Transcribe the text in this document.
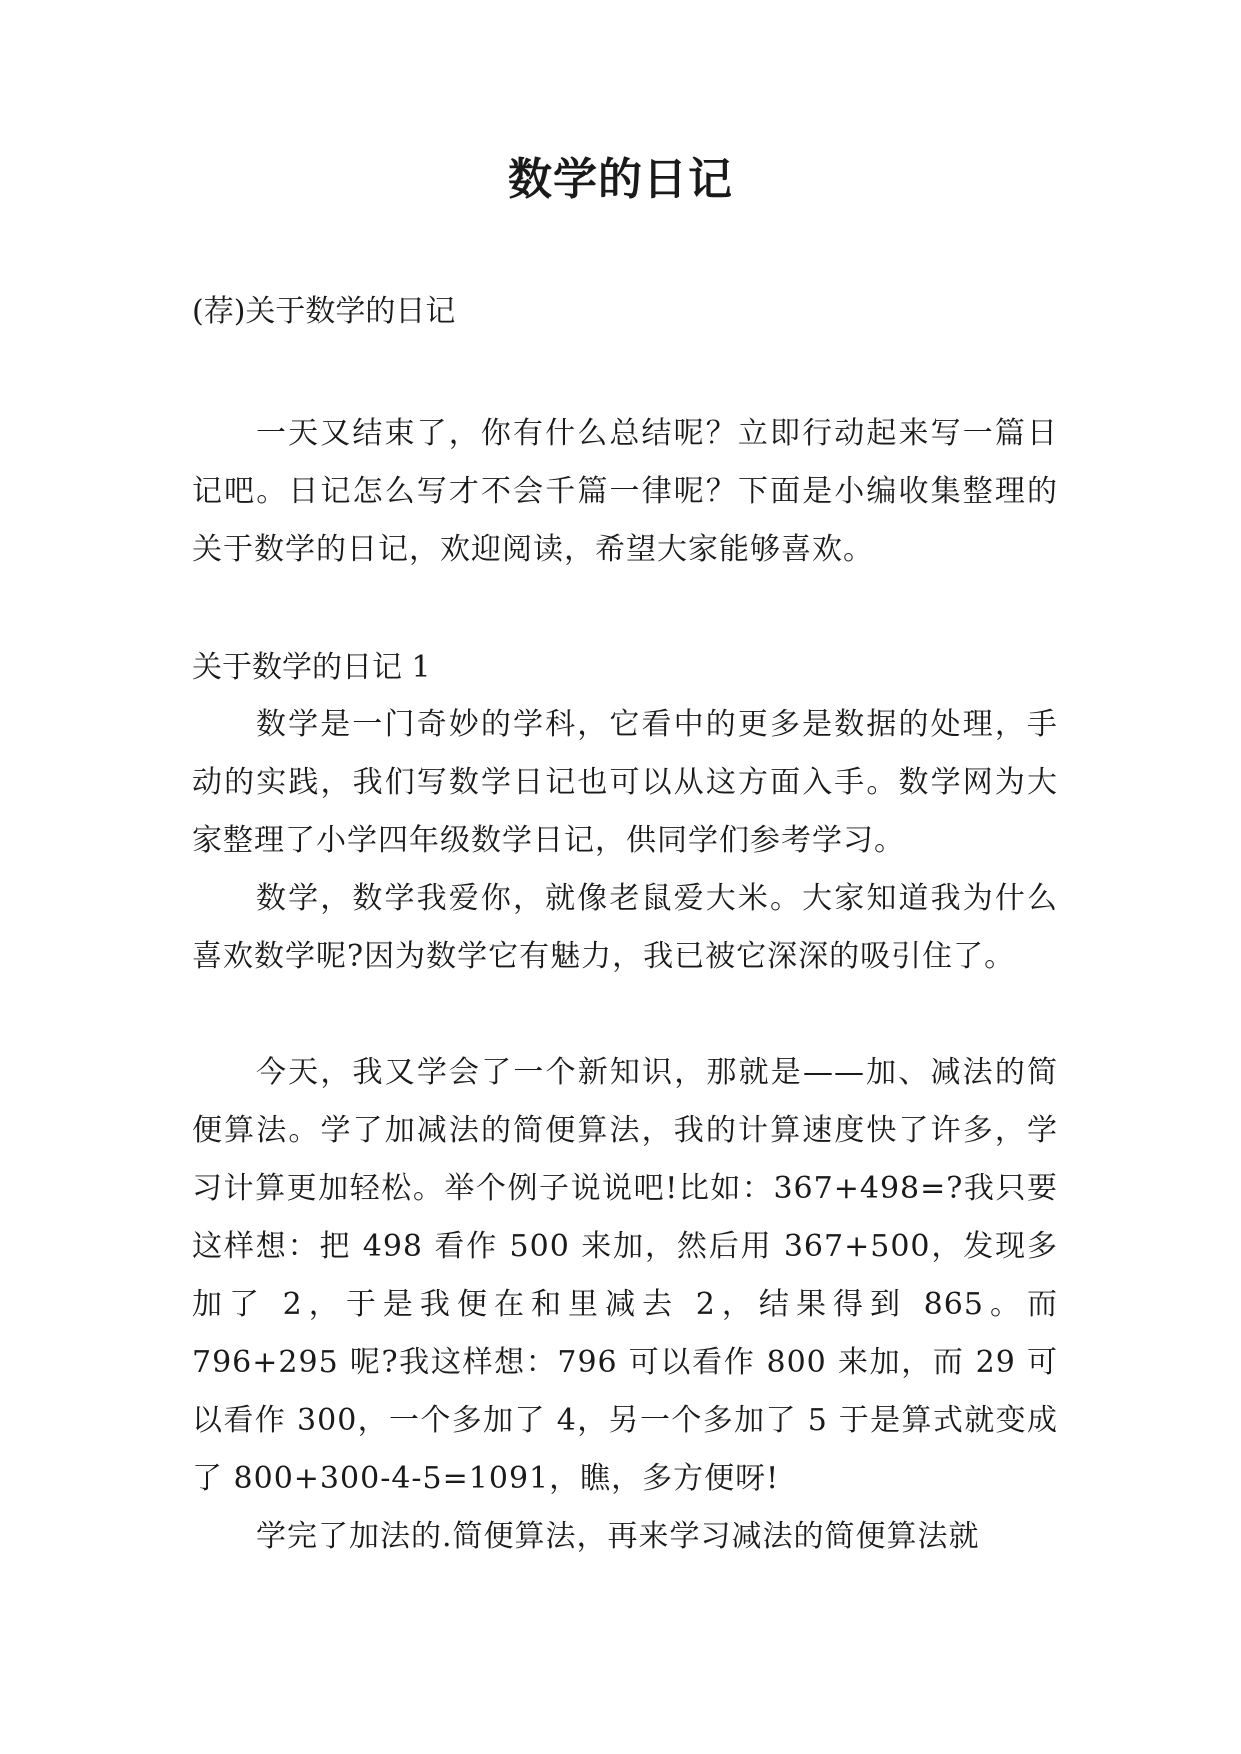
数学的日记
(荐)关于数学的日记
一天又结束了，你有什么总结呢？立即行动起来写一篇日记吧。日记怎么写才不会千篇一律呢？下面是小编收集整理的关于数学的日记，欢迎阅读，希望大家能够喜欢。
关于数学的日记 1
数学是一门奇妙的学科，它看中的更多是数据的处理，手动的实践，我们写数学日记也可以从这方面入手。数学网为大家整理了小学四年级数学日记，供同学们参考学习。
数学，数学我爱你，就像老鼠爱大米。大家知道我为什么喜欢数学呢?因为数学它有魅力，我已被它深深的吸引住了。
今天，我又学会了一个新知识，那就是——加、减法的简便算法。学了加减法的简便算法，我的计算速度快了许多，学习计算更加轻松。举个例子说说吧!比如：367+498=?我只要这样想：把 498 看作 500 来加，然后用 367+500，发现多加了 2，于是我便在和里减去 2，结果得到 865。而 796+295 呢?我这样想：796 可以看作 800 来加，而 29 可以看作 300，一个多加了 4，另一个多加了 5 于是算式就变成了 800+300-4-5=1091，瞧，多方便呀!
学完了加法的.简便算法，再来学习减法的简便算法就
